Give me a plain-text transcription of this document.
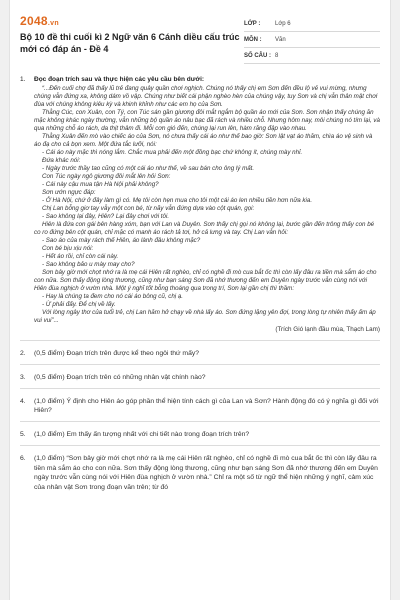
2048.vn
Bộ 10 đề thi cuối kì 2 Ngữ văn 6 Cánh diều cấu trúc mới có đáp án - Đề 4
LỚP :	Lớp 6
MÔN :	Văn
SỐ CÂU : 8
1. Đọc đoạn trích sau và thực hiện các yêu cầu bên dưới:

“...Đến cuối chợ đã thấy lũ trẻ đang quây quần chơi nghịch. Chúng nó thấy chị em Sơn đến đều lộ vẻ vui mừng, nhưng chúng vẫn đứng xa, không dám vồ vập. Chúng như biết cái phận nghèo hèn của chúng vậy, tuy Sơn và chị vẫn thân mật chơi đùa với chúng không kiêu kỳ và khinh khỉnh như các em họ của Sơn.

Thằng Cúc, con Xuân, con Tý, con Túc sán gần giương đôi mắt ngắm bộ quần áo mới của Sơn. Sơn nhận thấy chúng ăn mặc không khác ngày thường, vẫn những bộ quần áo nâu bạc đã rách và nhiều chỗ. Nhưng hôm nay, môi chúng nó tím lại, và qua những chỗ áo rách, da thịt thâm đi. Mỗi cơn gió đến, chúng lại run lên, hàm răng đập vào nhau.

Thằng Xuân đến mò vào chiếc áo của Sơn, nó chưa thấy cái áo như thế bao giờ: Sơn lật vạt áo thăm, chìa áo vệ sinh và áo đạ cho cả bọn xem. Một đứa tắc lưỡi, nói:

- Cái áo này mặc thì nóng lắm. Chắc mua phải đến một đồng bạc chứ không ít, chúng mày nhỉ.

Đứa khác nói:

- Ngày trước thầy tao cũng có một cái áo như thế, về sau bán cho ông lý mất.

Con Túc ngày ngô giương đôi mắt lên hỏi Sơn:

- Cái này cậu mua tận Hà Nội phải không?

Sơn ướn ngực đáp:

- Ở Hà Nội, chứ ở đây làm gì có. Mẹ tôi còn hẹn mua cho tôi một cái áo len nhiều tiền hơn nữa kia.

Chị Lan bỗng giơ tay vẫy một con bé, từ nãy vẫn đứng dựa vào cột quán, gọi:

- Sao không lại đây, Hiên? Lại đây chơi với tôi.

Hiên là đứa con gái bên hàng xóm, bạn với Lan và Duyên. Sơn thấy chị gọi nó không lại, bước gần đến trông thấy con bé co ro đứng bên cột quán, chỉ mặc có manh áo rách tả tơi, hở cả lưng và tay. Chị Lan vẫn hỏi:

- Sao áo của mày rách thế Hiên, áo lành đâu không mặc?

Con bé bịu xịu nói:

- Hết áo rồi, chỉ còn cái này.

- Sao không bảo u mày may cho?

Sơn bây giờ mới chợt nhớ ra là mẹ cái Hiên rất nghèo, chỉ có nghề đi mò cua bắt ốc thì còn lấy đâu ra tiền mà sắm áo cho con nữa. Sơn thấy động lòng thương, cũng như bạn sáng Sơn đã nhớ thương đến em Duyên ngày trước vẫn cùng nói với Hiên đùa nghịch ở vườn nhà. Một ý nghĩ tốt bỗng thoáng qua trong trí, Sơn lại gần chị thì thầm:

- Hay là chúng ta đem cho nó cái áo bông cũ, chị ạ.

- Ừ phải đấy. Để chị về lấy.

Với lòng ngây thơ của tuổi trẻ, chị Lan hăm hở chạy về nhà lấy áo. Sơn đứng lặng yên đợi, trong lòng tự nhiên thấy ấm áp vui vui”...

(Trích Gió lạnh đầu mùa, Thạch Lam)
2. (0,5 điểm) Đoạn trích trên được kể theo ngôi thứ mấy?
3. (0,5 điểm) Đoạn trích trên có những nhân vật chính nào?
4. (1,0 điểm) Ý định cho Hiên áo góp phần thể hiện tính cách gì của Lan và Sơn? Hành động đó có ý nghĩa gì đối với Hiên?
5. (1,0 điểm) Em thấy ấn tượng nhất với chi tiết nào trong đoạn trích trên?
6. (1,0 điểm) “Sơn bây giờ mới chợt nhớ ra là mẹ cái Hiên rất nghèo, chỉ có nghề đi mò cua bắt ốc thì còn lấy đâu ra tiền mà sắm áo cho con nữa. Sơn thấy động lòng thương, cũng như bạn sáng Sơn đã nhớ thương đến em Duyên ngày trước vẫn cùng nói với Hiên đùa nghịch ở vườn nhà.” Chỉ ra một số từ ngữ thể hiện những ý nghĩ, cảm xúc của nhân vật Sơn trong đoạn văn trên; từ đó
